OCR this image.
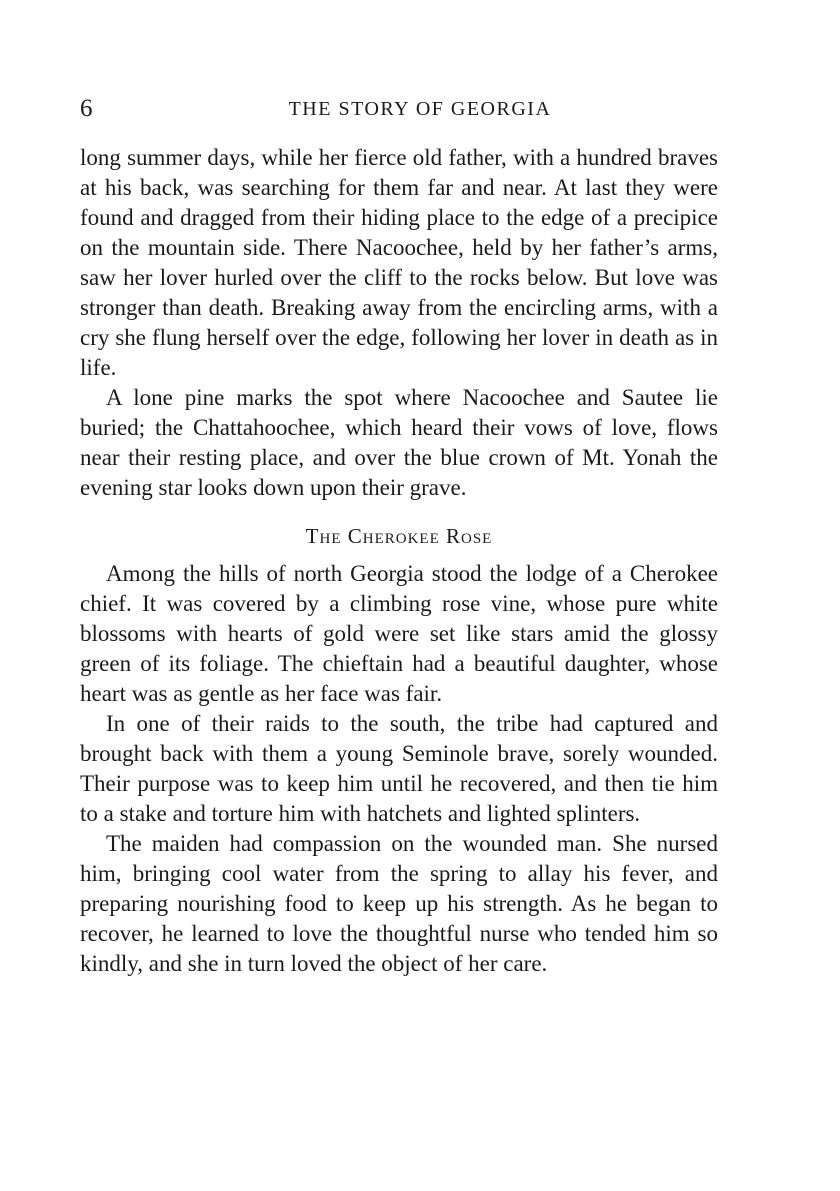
6	THE STORY OF GEORGIA

long summer days, while her fierce old father, with a hundred braves at his back, was searching for them far and near. At last they were found and dragged from their hiding place to the edge of a precipice on the mountain side. There Nacoochee, held by her father’s arms, saw her lover hurled over the cliff to the rocks below. But love was stronger than death. Breaking away from the encircling arms, with a cry she flung herself over the edge, following her lover in death as in life.

A lone pine marks the spot where Nacoochee and Sautee lie buried; the Chattahoochee, which heard their vows of love, flows near their resting place, and over the blue crown of Mt. Yonah the evening star looks down upon their grave.

The Cherokee Rose

Among the hills of north Georgia stood the lodge of a Cherokee chief. It was covered by a climbing rose vine, whose pure white blossoms with hearts of gold were set like stars amid the glossy green of its foliage. The chieftain had a beautiful daughter, whose heart was as gentle as her face was fair.

In one of their raids to the south, the tribe had captured and brought back with them a young Seminole brave, sorely wounded. Their purpose was to keep him until he recovered, and then tie him to a stake and torture him with hatchets and lighted splinters.

The maiden had compassion on the wounded man. She nursed him, bringing cool water from the spring to allay his fever, and preparing nourishing food to keep up his strength. As he began to recover, he learned to love the thoughtful nurse who tended him so kindly, and she in turn loved the object of her care.
